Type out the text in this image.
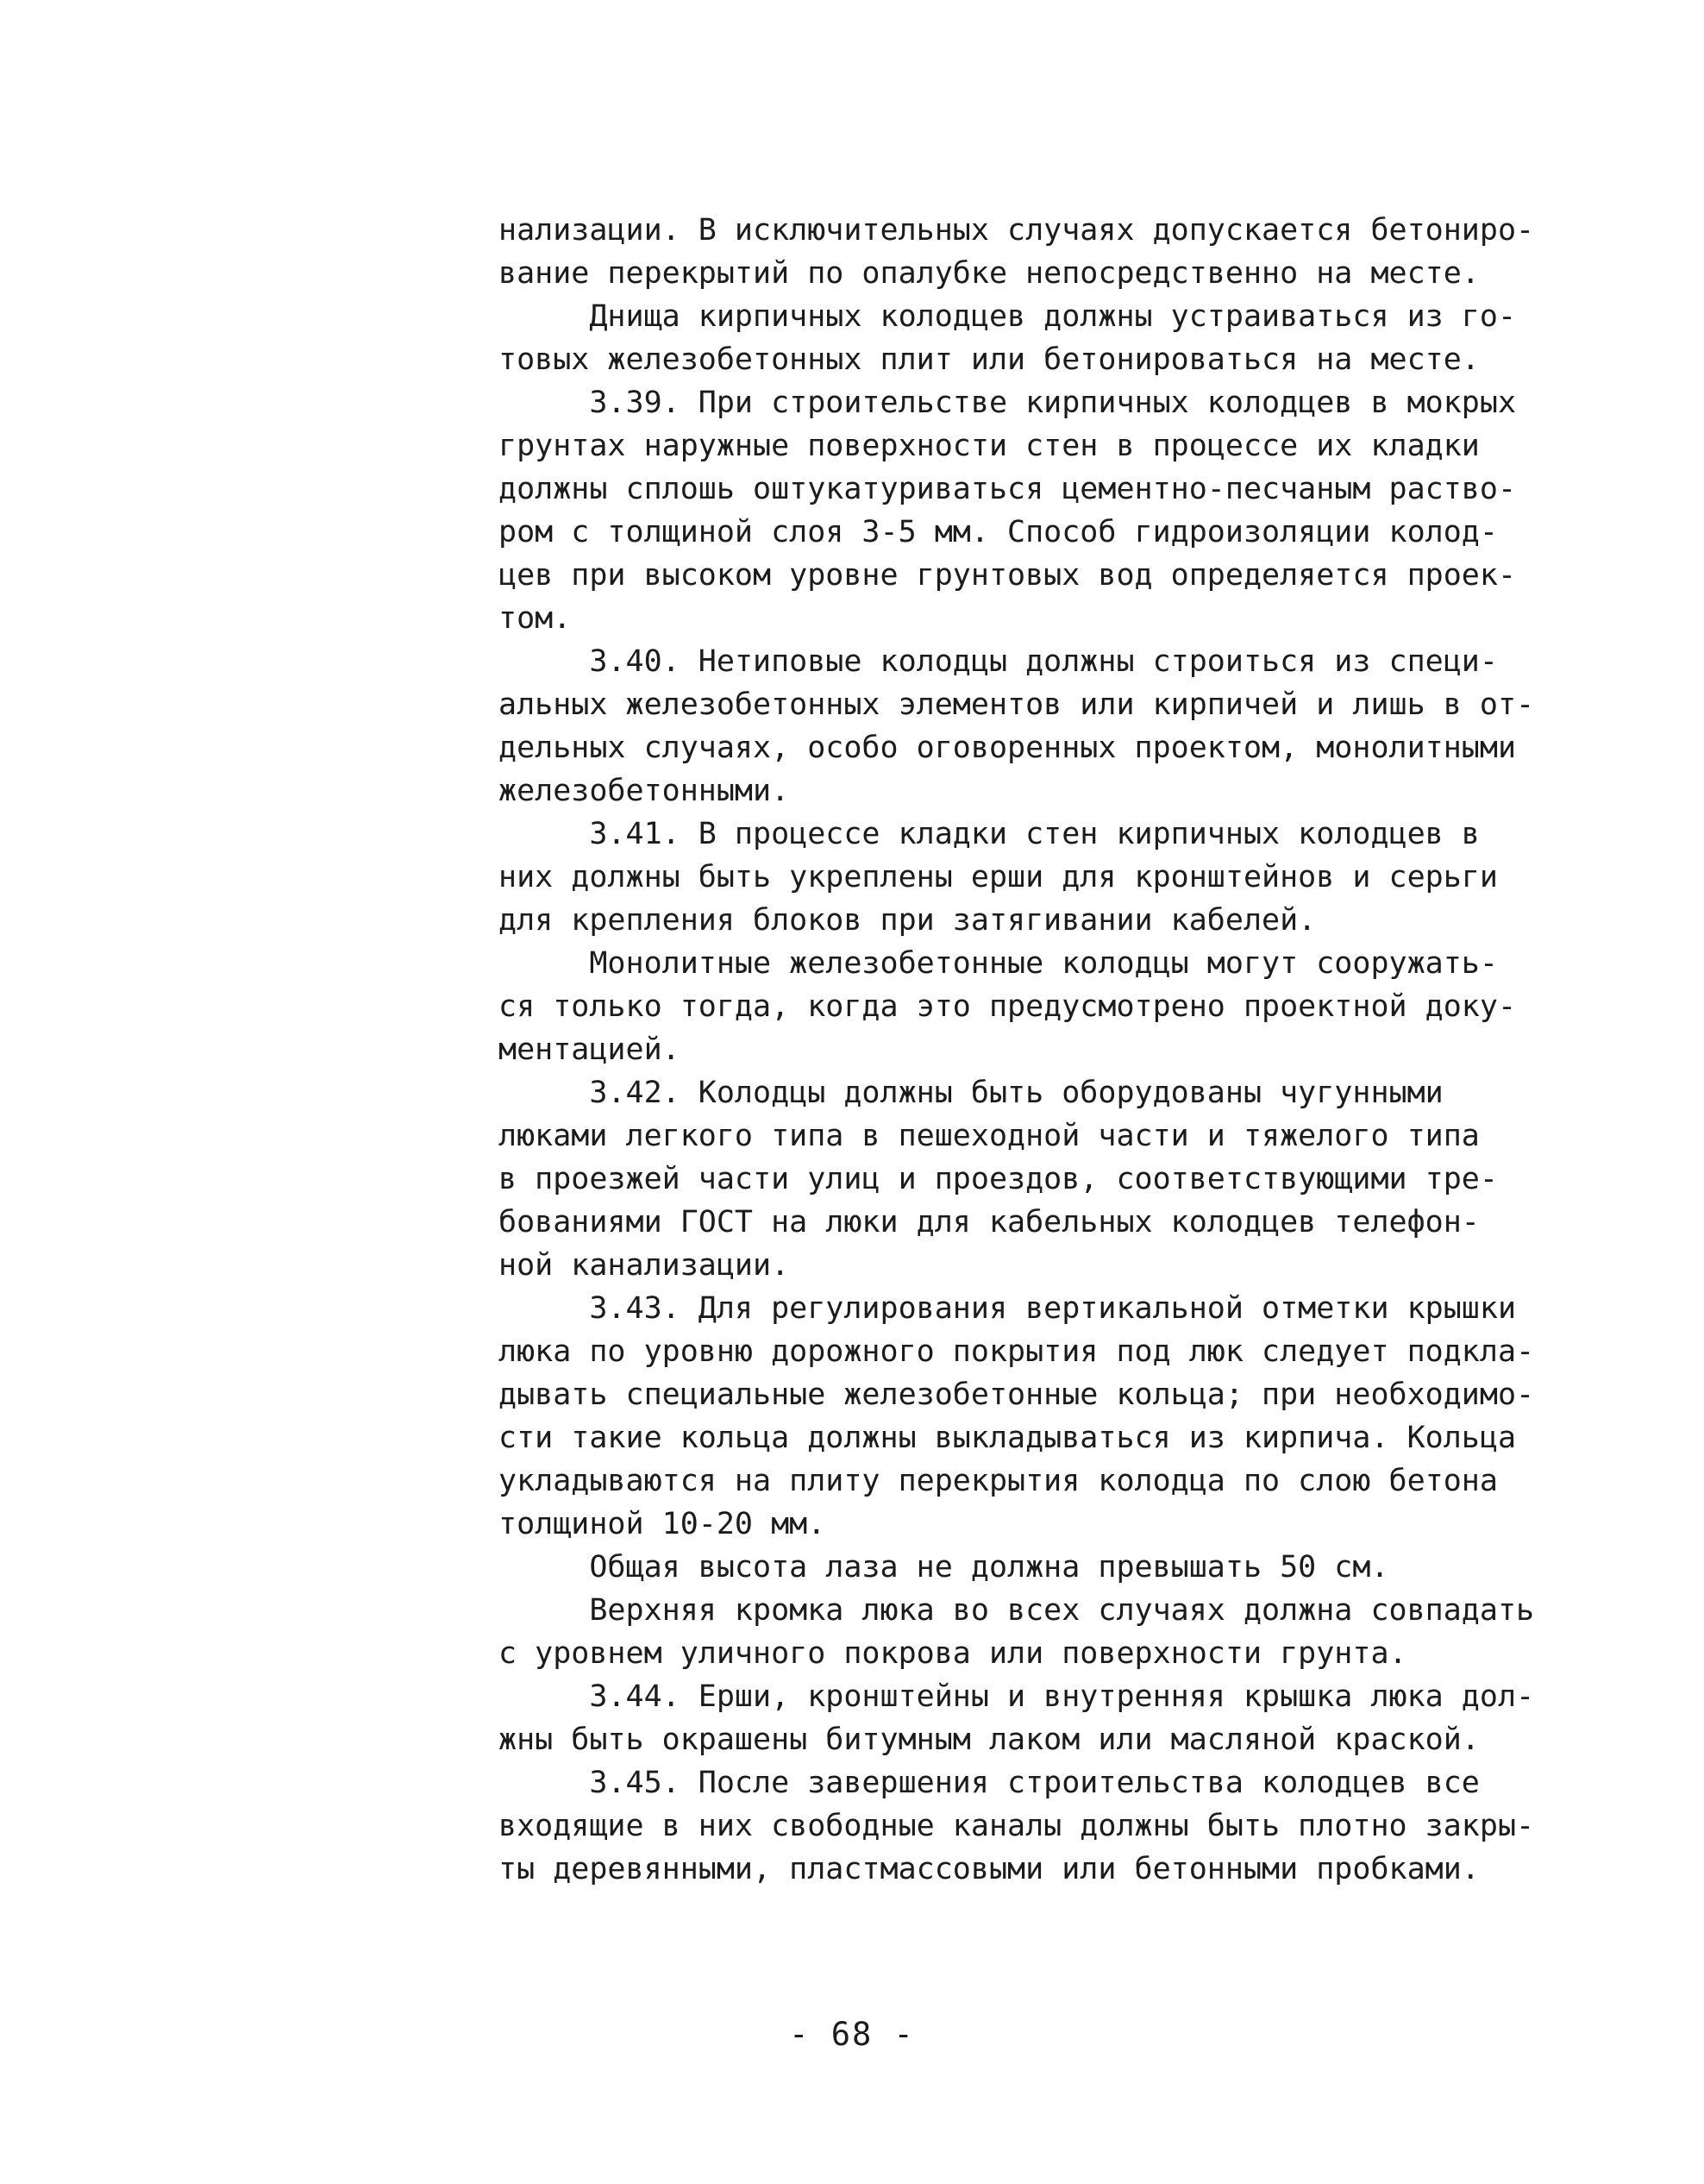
нализации. В исключительных случаях допускается бетониро-
вание перекрытий по опалубке непосредственно на месте.
Днища кирпичных колодцев должны устраиваться из го-
товых железобетонных плит или бетонироваться на месте.
3.39. При строительстве кирпичных колодцев в мокрых
грунтах наружные поверхности стен в процессе их кладки
должны сплошь оштукатуриваться цементно-песчаным раство-
ром с толщиной слоя 3-5 мм. Способ гидроизоляции колод-
цев при высоком уровне грунтовых вод определяется проек-
том.
3.40. Нетиповые колодцы должны строиться из специ-
альных железобетонных элементов или кирпичей и лишь в от-
дельных случаях, особо оговоренных проектом, монолитными
железобетонными.
3.41. В процессе кладки стен кирпичных колодцев в
них должны быть укреплены ерши для кронштейнов и серьги
для крепления блоков при затягивании кабелей.
Монолитные железобетонные колодцы могут сооружать-
ся только тогда, когда это предусмотрено проектной доку-
ментацией.
3.42. Колодцы должны быть оборудованы чугунными
люками легкого типа в пешеходной части и тяжелого типа
в проезжей части улиц и проездов, соответствующими тре-
бованиями ГОСТ на люки для кабельных колодцев телефон-
ной канализации.
3.43. Для регулирования вертикальной отметки крышки
люка по уровню дорожного покрытия под люк следует подкла-
дывать специальные железобетонные кольца; при необходимо-
сти такие кольца должны выкладываться из кирпича. Кольца
укладываются на плиту перекрытия колодца по слою бетона
толщиной 10-20 мм.
Общая высота лаза не должна превышать 50 см.
Верхняя кромка люка во всех случаях должна совпадать
с уровнем уличного покрова или поверхности грунта.
3.44. Ерши, кронштейны и внутренняя крышка люка дол-
жны быть окрашены битумным лаком или масляной краской.
3.45. После завершения строительства колодцев все
входящие в них свободные каналы должны быть плотно закры-
ты деревянными, пластмассовыми или бетонными пробками.
- 68 -
